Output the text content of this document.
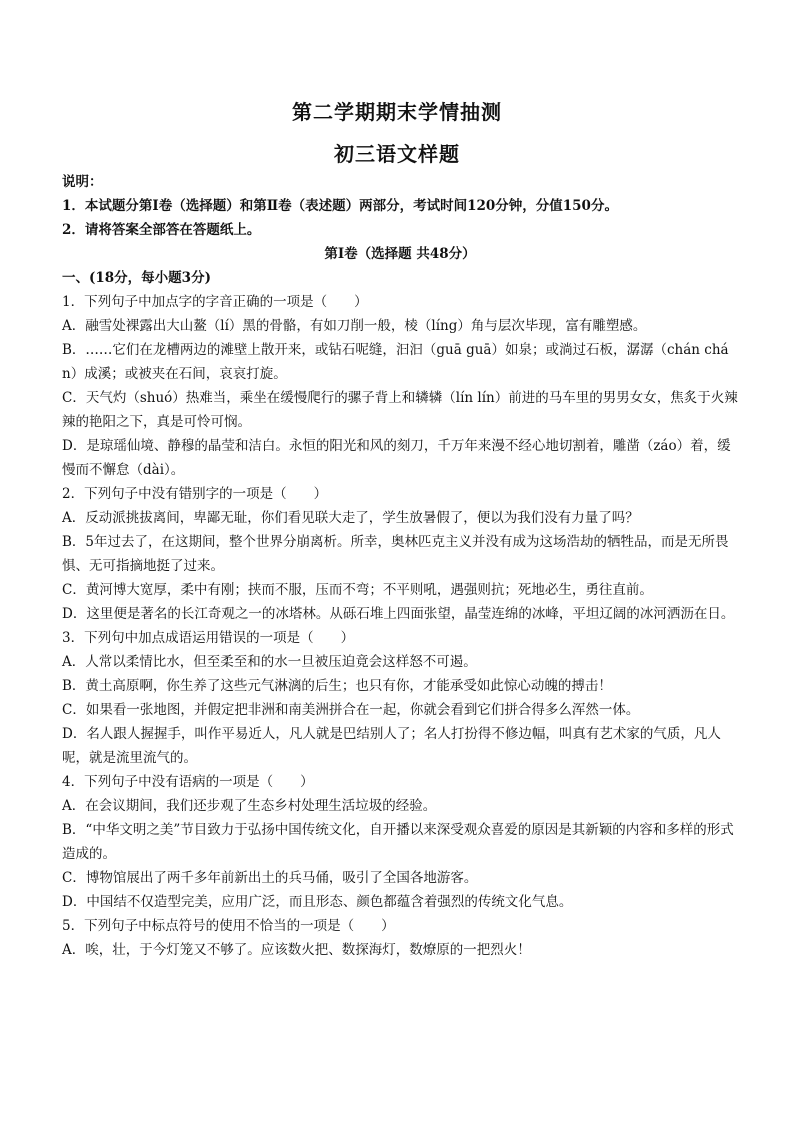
第二学期期末学情抽测
初三语文样题

说明：

1．本试题分第Ⅰ卷（选择题）和第Ⅱ卷（表述题）两部分，考试时间120分钟，分值150分。

2．请将答案全部答在答题纸上。

第Ⅰ卷（选择题 共48分）

一、(18分，每小题3分)

1．下列句子中加点字的字音正确的一项是（　　）

A．融雪处裸露出大山鳌（lí）黑的骨骼，有如刀削一般，棱（líng）角与层次毕现，富有雕塑感。

B．……它们在龙槽两边的滩壁上散开来，或钻石呢缝，汩汩（guā guā）如泉；或淌过石板，潺潺（chán chán）成溪；或被夹在石间，哀哀打旋。

C．天气灼（shuó）热难当，乘坐在缓慢爬行的骡子背上和辚辚（lín lín）前进的马车里的男男女女，焦炙于火辣辣的艳阳之下，真是可怜可悯。

D．是琼瑶仙境、静穆的晶莹和洁白。永恒的阳光和风的刻刀，千万年来漫不经心地切割着，雕凿（záo）着，缓慢而不懈怠（dài）。

2．下列句子中没有错别字的一项是（　　）

A．反动派挑拔离间，卑鄙无耻，你们看见联大走了，学生放暑假了，便以为我们没有力量了吗？

B．5年过去了，在这期间，整个世界分崩离析。所幸，奥林匹克主义并没有成为这场浩劫的牺牲品，而是无所畏惧、无可指摘地挺了过来。

C．黄河博大宽厚，柔中有刚；挟而不服，压而不弯；不平则吼，遇强则抗；死地必生，勇往直前。

D．这里便是著名的长江奇观之一的冰塔林。从砾石堆上四面张望，晶莹连绵的冰峰，平坦辽阔的冰河洒沥在日。

3．下列句中加点成语运用错误的一项是（　　）

A．人常以柔情比水，但至柔至和的水一旦被压迫竟会这样怒不可遏。

B．黄土高原啊，你生养了这些元气淋漓的后生；也只有你，才能承受如此惊心动魄的搏击！

C．如果看一张地图，并假定把非洲和南美洲拼合在一起，你就会看到它们拼合得多么浑然一体。

D．名人跟人握握手，叫作平易近人，凡人就是巴结别人了；名人打扮得不修边幅，叫真有艺术家的气质，凡人呢，就是流里流气的。

4．下列句子中没有语病的一项是（　　）

A．在会议期间，我们还步观了生态乡村处理生活垃圾的经验。

B．“中华文明之美”节目致力于弘扬中国传统文化，自开播以来深受观众喜爱的原因是其新颖的内容和多样的形式造成的。

C．博物馆展出了两千多年前新出土的兵马俑，吸引了全国各地游客。

D．中国结不仅造型完美，应用广泛，而且形态、颜色都蕴含着强烈的传统文化气息。

5．下列句子中标点符号的使用不恰当的一项是（　　）

A．唉，壮，于今灯笼又不够了。应该数火把、数探海灯，数燎原的一把烈火！
